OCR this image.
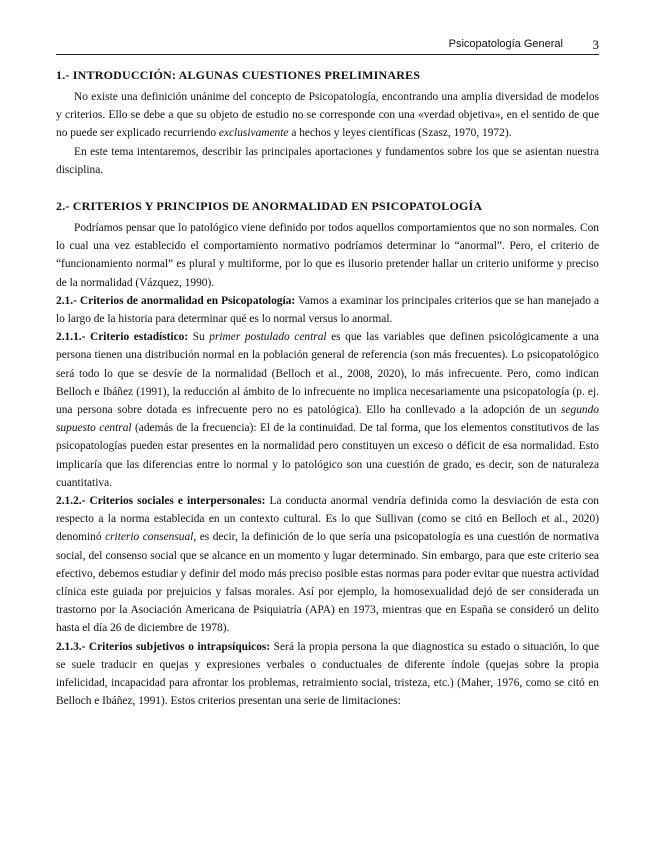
Psicopatología General 3
1.- INTRODUCCIÓN: ALGUNAS CUESTIONES PRELIMINARES

No existe una definición unánime del concepto de Psicopatología, encontrando una amplia diversidad de modelos y criterios. Ello se debe a que su objeto de estudio no se corresponde con una «verdad objetiva», en el sentido de que no puede ser explicado recurriendo exclusivamente a hechos y leyes científicas (Szasz, 1970, 1972).

En este tema intentaremos, describir las principales aportaciones y fundamentos sobre los que se asientan nuestra disciplina.

2.- CRITERIOS Y PRINCIPIOS DE ANORMALIDAD EN PSICOPATOLOGÍA

Podríamos pensar que lo patológico viene definido por todos aquellos comportamientos que no son normales. Con lo cual una vez establecido el comportamiento normativo podríamos determinar lo “anormal”. Pero, el criterio de “funcionamiento normal” es plural y multiforme, por lo que es ilusorio pretender hallar un criterio uniforme y preciso de la normalidad (Vázquez, 1990).

2.1.- Criterios de anormalidad en Psicopatología: Vamos a examinar los principales criterios que se han manejado a lo largo de la historia para determinar qué es lo normal versus lo anormal.

2.1.1.- Criterio estadístico: Su primer postulado central es que las variables que definen psicológicamente a una persona tienen una distribución normal en la población general de referencia (son más frecuentes). Lo psicopatológico será todo lo que se desvíe de la normalidad (Belloch et al., 2008, 2020), lo más infrecuente. Pero, como indican Belloch e Ibáñez (1991), la reducción al ámbito de lo infrecuente no implica necesariamente una psicopatología (p. ej. una persona sobre dotada es infrecuente pero no es patológica). Ello ha conllevado a la adopción de un segundo supuesto central (además de la frecuencia): El de la continuidad. De tal forma, que los elementos constitutivos de las psicopatologías pueden estar presentes en la normalidad pero constituyen un exceso o déficit de esa normalidad. Esto implicaría que las diferencias entre lo normal y lo patológico son una cuestión de grado, es decir, son de naturaleza cuantitativa.

2.1.2.- Criterios sociales e interpersonales: La conducta anormal vendría definida como la desviación de esta con respecto a la norma establecida en un contexto cultural. Es lo que Sullivan (como se citó en Belloch et al., 2020) denominó criterio consensual, es decir, la definición de lo que sería una psicopatología es una cuestión de normativa social, del consenso social que se alcance en un momento y lugar determinado. Sin embargo, para que este criterio sea efectivo, debemos estudiar y definir del modo más preciso posible estas normas para poder evitar que nuestra actividad clínica este guiada por prejuicios y falsas morales. Así por ejemplo, la homosexualidad dejó de ser considerada un trastorno por la Asociación Americana de Psiquiatría (APA) en 1973, mientras que en España se consideró un delito hasta el día 26 de diciembre de 1978).

2.1.3.- Criterios subjetivos o intrapsíquicos: Será la propia persona la que diagnostica su estado o situación, lo que se suele traducir en quejas y expresiones verbales o conductuales de diferente índole (quejas sobre la propia infelicidad, incapacidad para afrontar los problemas, retraimiento social, tristeza, etc.) (Maher, 1976, como se citó en Belloch e Ibáñez, 1991). Estos criterios presentan una serie de limitaciones:
